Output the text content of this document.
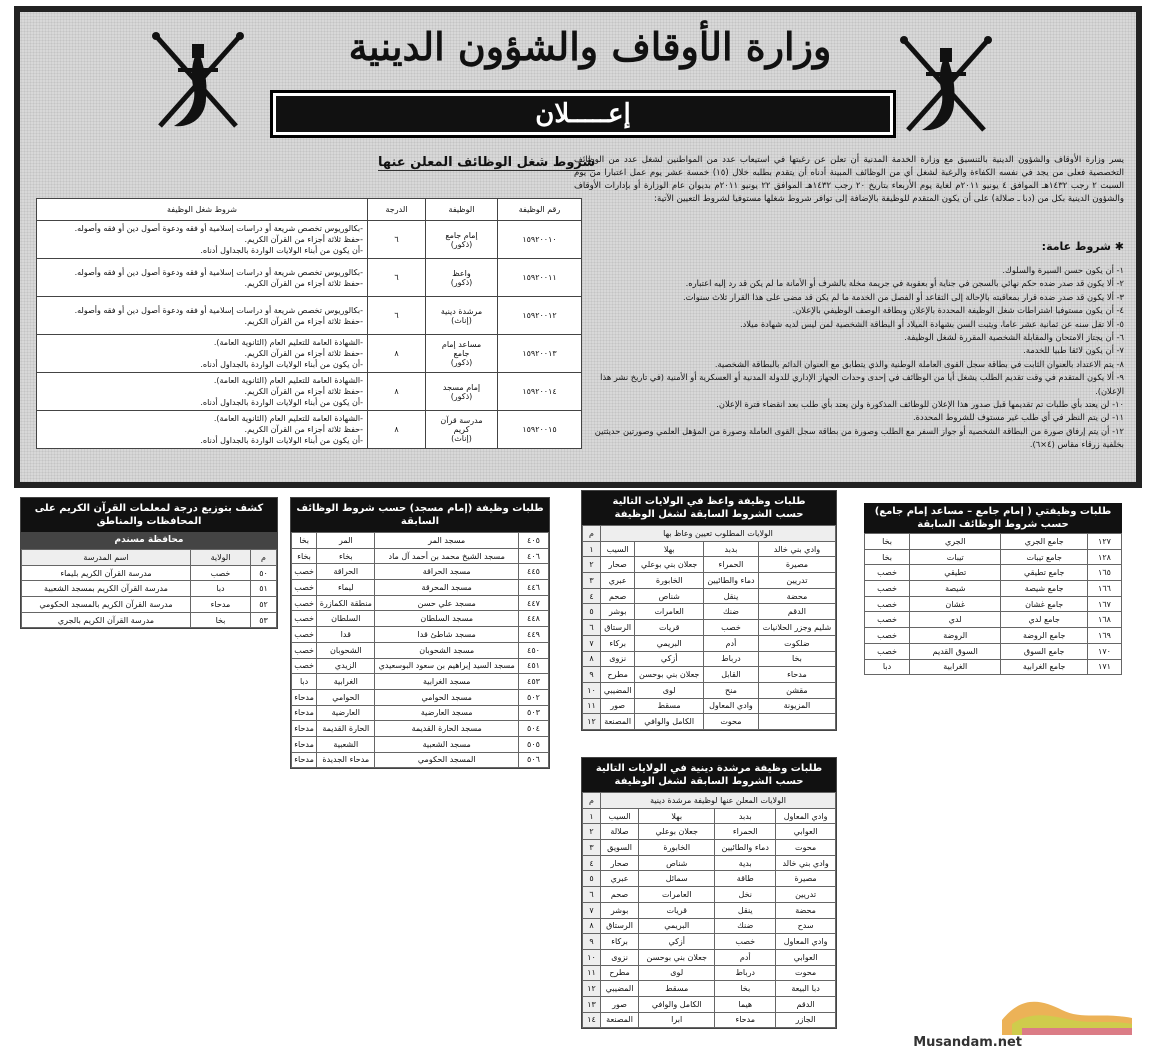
وزارة الأوقاف والشؤون الدينية
إعـــــلان

يسر وزارة الأوقاف والشؤون الدينية بالتنسيق مع وزارة الخدمة المدنية أن تعلن عن رغبتها في استيعاب عدد من المواطنين لشغل عدد من الوظائف التخصصية فعلى من يجد في نفسه الكفاءة والرغبة لشغل أي من الوظائف المبينة أدناه أن يتقدم بطلبه خلال (١٥) خمسة عشر يوم عمل اعتبارا من يوم السبت ٢ رجب ١٤٣٢هـ الموافق ٤ يونيو ٢٠١١م لغاية يوم الأربعاء بتاريخ ٢٠ رجب ١٤٣٢هـ الموافق ٢٢ يونيو ٢٠١١م بديوان عام الوزارة أو بإدارات الأوقاف والشؤون الدينية بكل من (دبا ـ صلالة) على أن يكون المتقدم للوظيفة بالإضافة إلى توافر شروط شغلها مستوفيا لشروط التعيين الآتية:

✱ شروط عامة:
١- أن يكون حسن السيرة والسلوك.
٢- ألا يكون قد صدر ضده حكم نهائي بالسجن في جناية أو بعقوبة في جريمة مخلة بالشرف أو الأمانة ما لم يكن قد رد إليه اعتباره.
٣- ألا يكون قد صدر ضده قرار بمعاقبته بالإحالة إلى التقاعد أو الفصل من الخدمة ما لم يكن قد مضى على هذا القرار ثلاث سنوات.
٤- أن يكون مستوفيا اشتراطات شغل الوظيفة المحددة بالإعلان وبطاقة الوصف الوظيفي بالإعلان.
٥- ألا تقل سنه عن ثمانية عشر عاما، ويثبت السن بشهادة الميلاد أو البطاقة الشخصية لمن ليس لديه شهادة ميلاد.
٦- أن يجتاز الامتحان والمقابلة الشخصية المقررة لشغل الوظيفة.
٧- أن يكون لائقا طبيا للخدمة.
٨- يتم الاعتداد بالعنوان الثابت في بطاقة سجل القوى العاملة الوطنية والذي يتطابق مع العنوان الدائم بالبطاقة الشخصية.
٩- ألا يكون المتقدم في وقت تقديم الطلب يشغل أيا من الوظائف في إحدى وحدات الجهاز الإداري للدولة المدنية أو العسكرية أو الأمنية (في تاريخ نشر هذا الإعلان).
١٠- لن يعتد بأي طلبات تم تقديمها قبل صدور هذا الإعلان للوظائف المذكورة ولن يعتد بأي طلب بعد انقضاء فترة الإعلان.
١١- لن يتم النظر في أي طلب غير مستوف للشروط المحددة.
١٢- أن يتم إرفاق صورة من البطاقة الشخصية أو جواز السفر مع الطلب وصورة من بطاقة سجل القوى العاملة وصورة من المؤهل العلمي وصورتين حديثتين بخلفية زرقاء مقاس (٤×٦).
شروط شغل الوظائف المعلن عنها
رقم الوظيفة	الوظيفة	الدرجة	شروط شغل الوظيفة
١٥٩٢٠٠١٠	إمام جامع
(ذكور)	٦	-بكالوريوس تخصص شريعة أو دراسات إسلامية أو فقه ودعوة أصول دين أو فقه وأصوله.
-حفظ ثلاثة أجزاء من القرآن الكريم.
-أن يكون من أبناء الولايات الواردة بالجداول أدناه.
١٥٩٢٠٠١١	واعظ
(ذكور)	٦	-بكالوريوس تخصص شريعة أو دراسات إسلامية أو فقه ودعوة أصول دين أو فقه وأصوله.
-حفظ ثلاثة أجزاء من القرآن الكريم.
١٥٩٢٠٠١٢	مرشدة دينية
(إناث)	٦	-بكالوريوس تخصص شريعة أو دراسات إسلامية أو فقه ودعوة أصول دين أو فقه وأصوله.
-حفظ ثلاثة أجزاء من القرآن الكريم.
١٥٩٢٠٠١٣	مساعد إمام
جامع
(ذكور)	٨	-الشهادة العامة للتعليم العام (الثانوية العامة).
-حفظ ثلاثة أجزاء من القرآن الكريم.
-أن يكون من أبناء الولايات الواردة بالجداول أدناه.
١٥٩٢٠٠١٤	إمام مسجد
(ذكور)	٨	-الشهادة العامة للتعليم العام (الثانوية العامة).
-حفظ ثلاثة أجزاء من القرآن الكريم.
-أن يكون من أبناء الولايات الواردة بالجداول أدناه.
١٥٩٢٠٠١٥	مدرسة قرآن
كريم
(إناث)	٨	-الشهادة العامة للتعليم العام (الثانوية العامة).
-حفظ ثلاثة أجزاء من القرآن الكريم.
-أن يكون من أبناء الولايات الواردة بالجداول أدناه.
طلبات وظيفتي ( إمام جامع – مساعد إمام جامع)
حسب شروط الوظائف السابقة
١٢٧	جامع الجري	الجري	بخا
١٢٨	جامع تيبات	تيبات	بخا
١٦٥	جامع تطيقي	تطيقي	خصب
١٦٦	جامع شيصة	شيصة	خصب
١٦٧	جامع غشان	غشان	خصب
١٦٨	جامع لدي	لدي	خصب
١٦٩	جامع الروضة	الروضة	خصب
١٧٠	جامع السوق	السوق القديم	خصب
١٧١	جامع الغرابية	الغرابية	دبا
طلبات وظيفة واعظ في الولايات التالية
حسب الشروط السابقة لشغل الوظيفة
الولايات المطلوب تعيين وعاظ بها				م
وادي بني خالد	بدبد	بهلا	السيب	١
مصيرة	الحمراء	جعلان بني بوعلي	صحار	٢
تدريين	دماء والطائيين	الخابورة	عبري	٣
محضة	ينقل	شناص	صحم	٤
الدقم	ضنك	العامرات	بوشر	٥
شليم وجزر الحلانيات	خصب	قريات	الرستاق	٦
ضلكوت	أدم	البريمي	بركاء	٧
بخا	درباط	أزكي	نزوى	٨
مدحاء	القابل	جعلان بني بوحسن	مطرح	٩
مقشن	منح	لوى	المضيبي	١٠
المزيونة	وادي المعاول	مسقط	صور	١١
	محوت	الكامل والوافي	المصنعة	١٢
طلبات وظيفة مرشدة دينية في الولايات التالية
حسب الشروط السابقة لشغل الوظيفة
الولايات المعلن عنها لوظيفة مرشدة دينية				م
وادي المعاول	بدبد	بهلا	السيب	١
العوابي	الحمراء	جعلان بوعلي	صلالة	٢
محوت	دماء والطائيين	الخابورة	السويق	٣
وادي بني خالد	بدية	شناص	صحار	٤
مصيرة	طاقة	سمائل	عبري	٥
تدريين	نخل	العامرات	صحم	٦
محضة	ينقل	قريات	بوشر	٧
سدح	ضنك	البريمي	الرستاق	٨
وادي المعاول	خصب	أزكي	بركاء	٩
العوابي	أدم	جعلان بني بوحسن	نزوى	١٠
محوت	درباط	لوى	مطرح	١١
دبا البيعة	بخا	مسقط	المضيبي	١٢
الدقم	هيما	الكامل والوافي	صور	١٣
الجازر	مدحاء	ابرا	المصنعة	١٤
طلبات وظيفة (إمام مسجد) حسب شروط الوظائف السابقة
٤٠٥	مسجد المر	المر	بخا
٤٠٦	مسجد الشيخ محمد بن أحمد آل ماد	بخاء	بخاء
٤٤٥	مسجد الحراقة	الحراقة	خصب
٤٤٦	مسجد المحرقة	ليماء	خصب
٤٤٧	مسجد علي حسن	منطقة الكمازرة	خصب
٤٤٨	مسجد السلطان	السلطان	خصب
٤٤٩	مسجد شاطئ قدا	قدا	خصب
٤٥٠	مسجد الشحوبان	الشحوبان	خصب
٤٥١	مسجد السيد إبراهيم بن سعود البوسعيدي	الزيدي	خصب
٤٥٣	مسجد الغرابية	الغرابية	دبا
٥٠٢	مسجد الحوامي	الحوامي	مدحاء
٥٠٣	مسجد العارضية	العارضية	مدحاء
٥٠٤	مسجد الحارة القديمة	الحارة القديمة	مدحاء
٥٠٥	مسجد الشعبية	الشعبية	مدحاء
٥٠٦	المسجد الحكومي	مدحاء الجديدة	مدحاء
كشف بتوزيع درجة لمعلمات القرآن الكريم على المحافظات والمناطق
محافظة مسندم
م	الولاية	اسم المدرسة
٥٠	خصب	مدرسة القرآن الكريم بليماء
٥١	دبا	مدرسة القرآن الكريم بمسجد الشعبية
٥٢	مدحاء	مدرسة القرآن الكريم بالمسجد الحكومي
٥٣	بخا	مدرسة القرآن الكريم بالجري
Musandam.net
